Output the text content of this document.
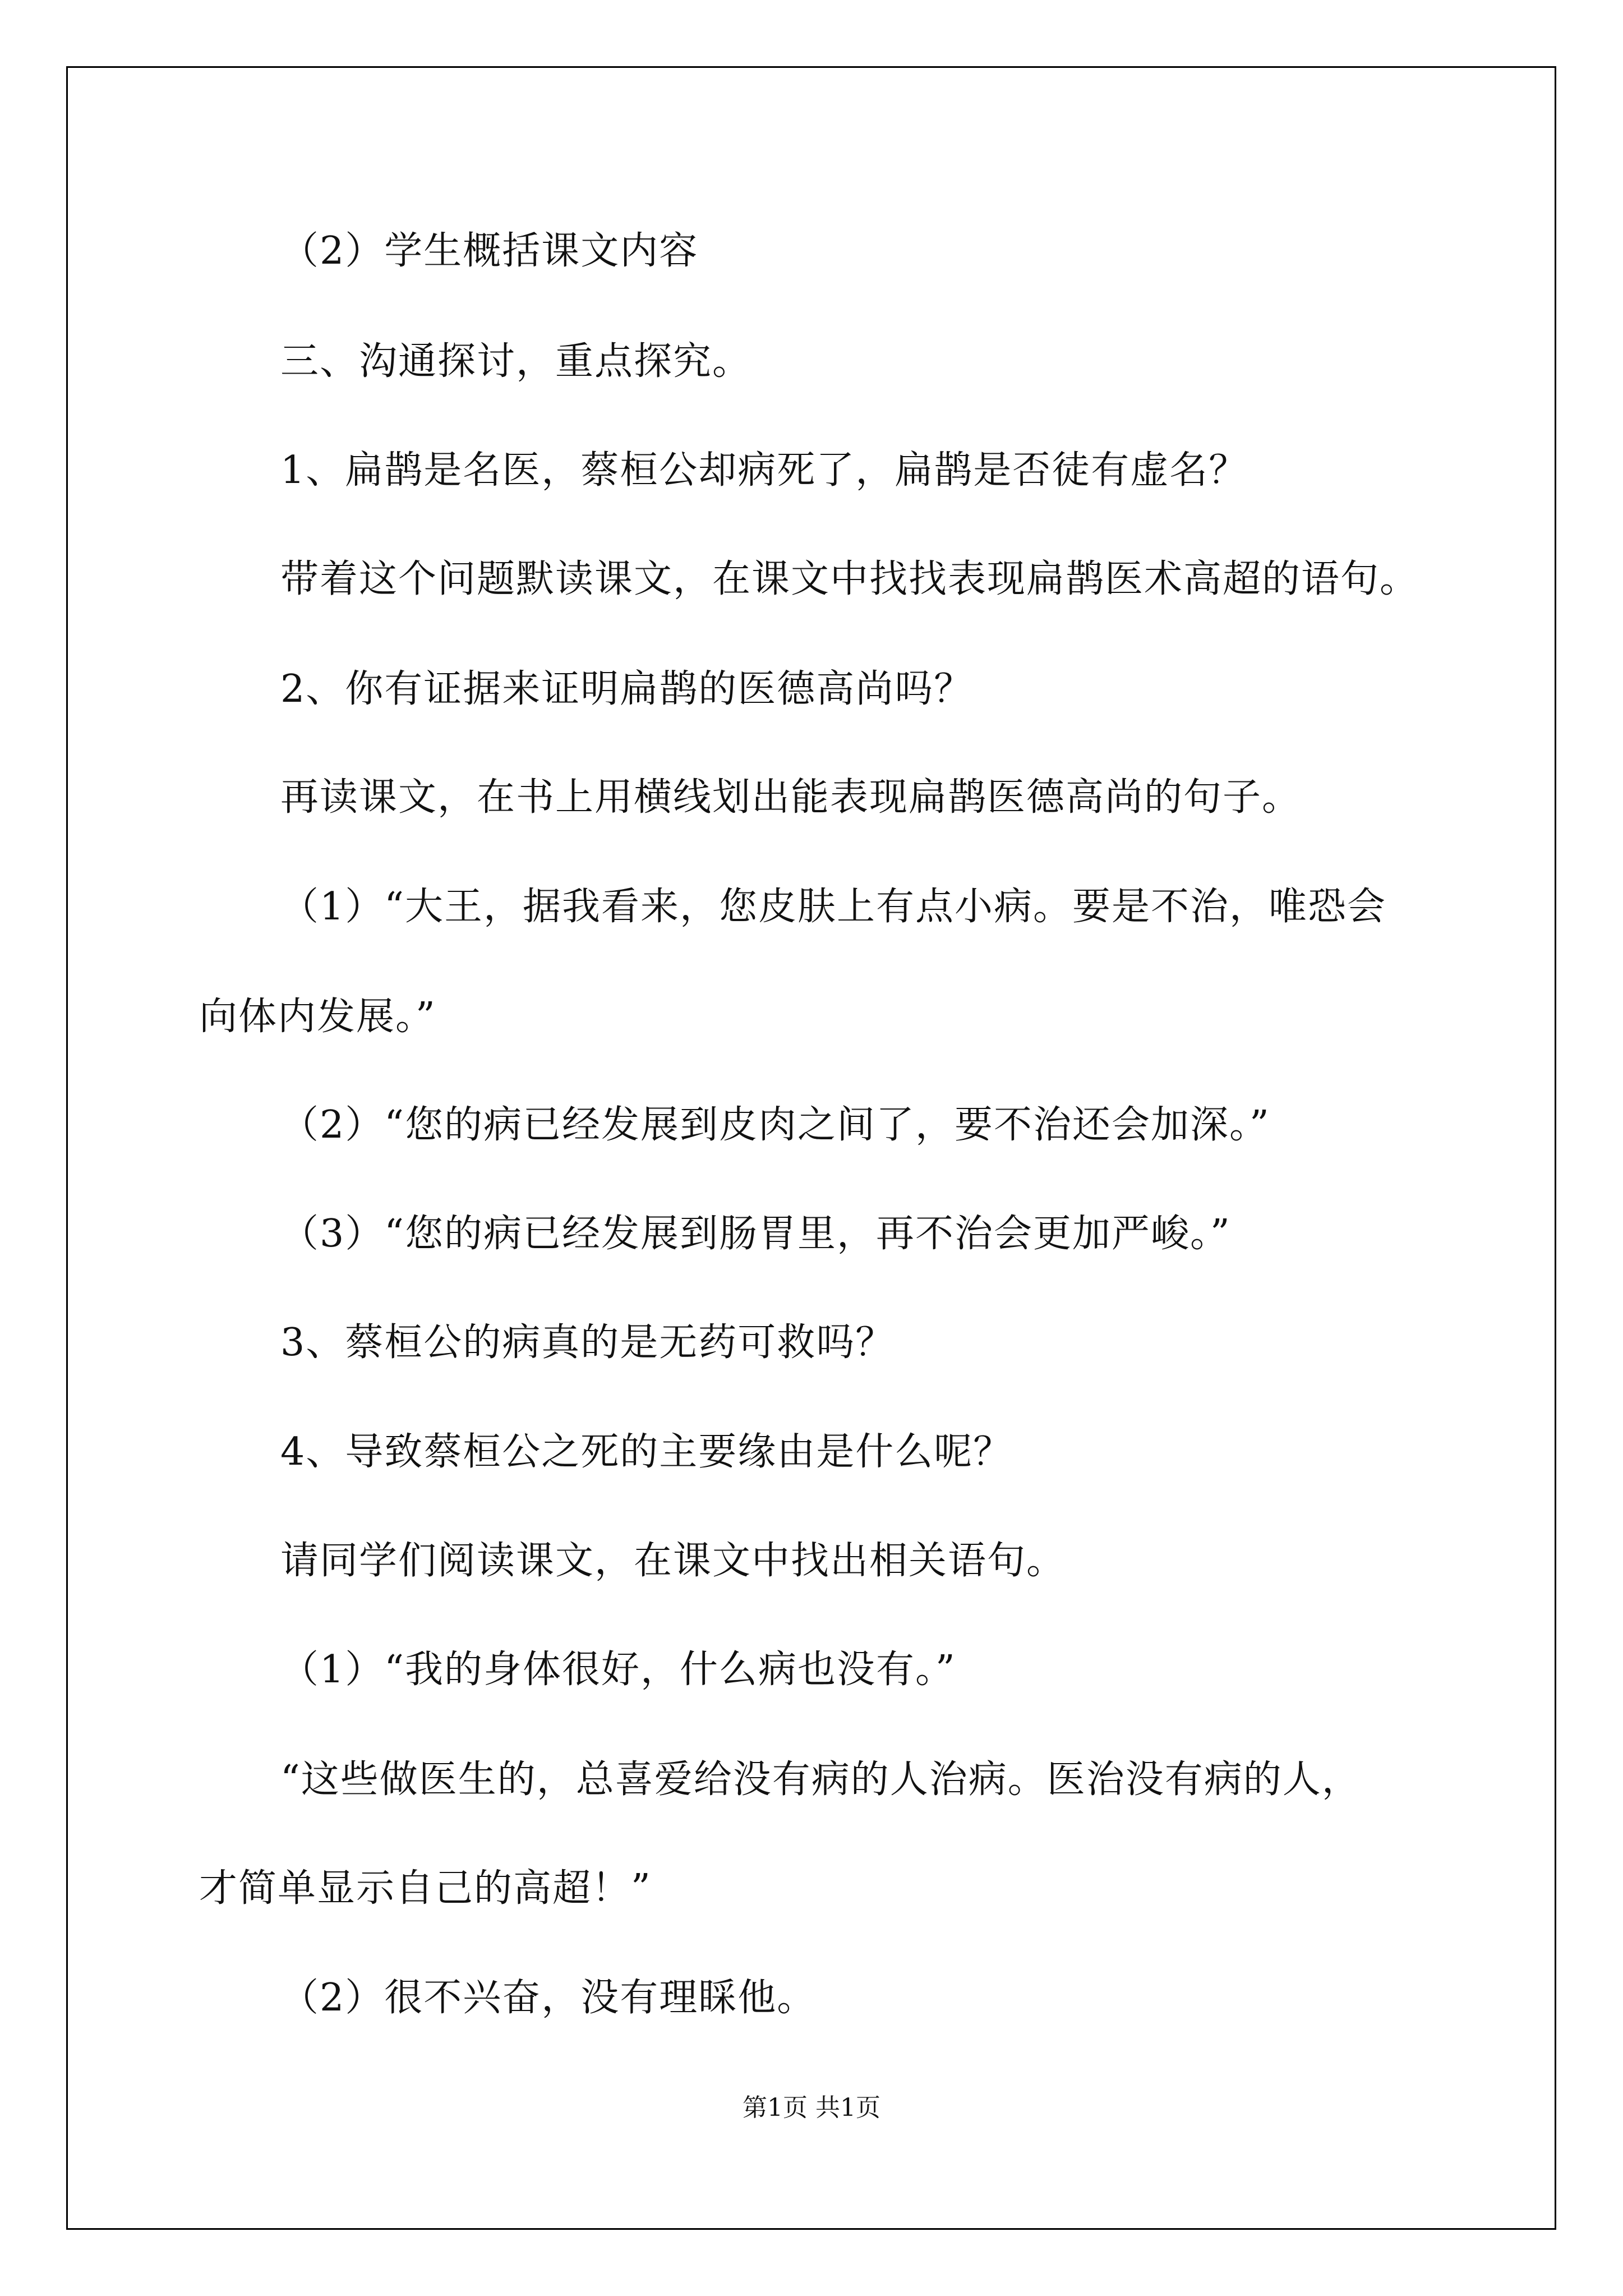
（2）学生概括课文内容
三、沟通探讨，重点探究。
1、扁鹊是名医，蔡桓公却病死了，扁鹊是否徒有虚名？
带着这个问题默读课文，在课文中找找表现扁鹊医术高超的语句。
2、你有证据来证明扁鹊的医德高尚吗？
再读课文，在书上用横线划出能表现扁鹊医德高尚的句子。
（1）“大王，据我看来，您皮肤上有点小病。要是不治，唯恐会
向体内发展。”
（2）“您的病已经发展到皮肉之间了，要不治还会加深。”
（3）“您的病已经发展到肠胃里，再不治会更加严峻。”
3、蔡桓公的病真的是无药可救吗？
4、导致蔡桓公之死的主要缘由是什么呢？
请同学们阅读课文，在课文中找出相关语句。
（1）“我的身体很好，什么病也没有。”
“这些做医生的，总喜爱给没有病的人治病。医治没有病的人，
才简单显示自己的高超！”
（2）很不兴奋，没有理睬他。
第1页 共1页
